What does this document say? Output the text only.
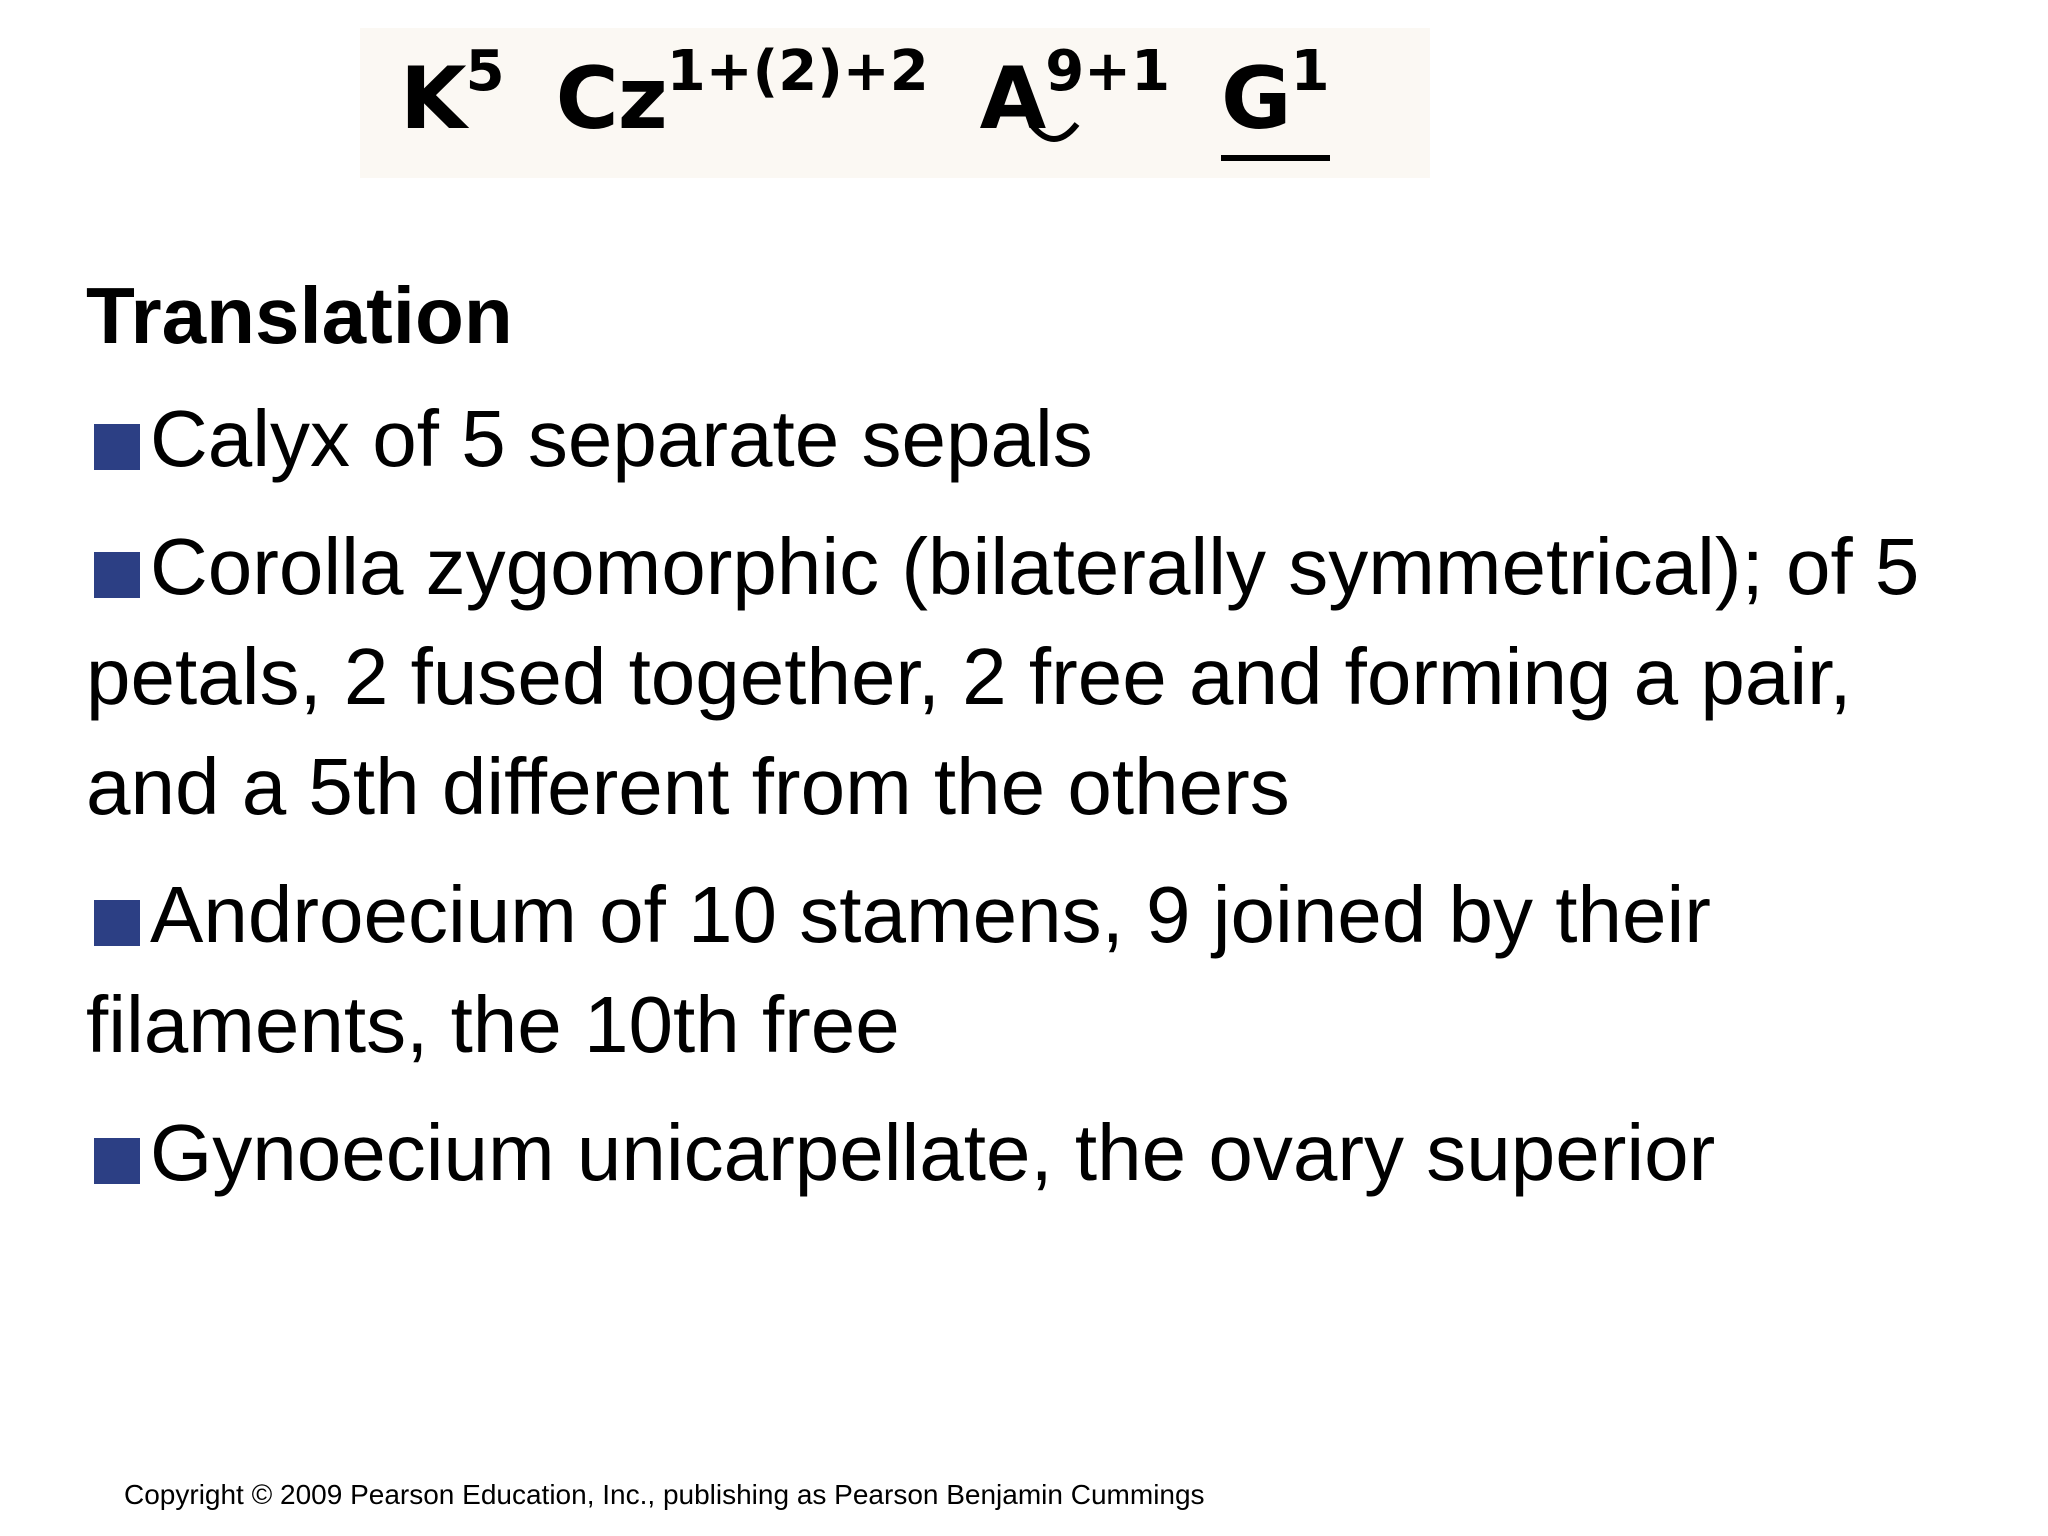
$K^5$ $Cz^{1+(2)+2}$ $A^{9 +1}$ $G^1$
Translation
Calyx of 5 separate sepals
Corolla zygomorphic (bilaterally symmetrical); of 5 petals, 2 fused together, 2 free and forming a pair, and a 5th different from the others
Androecium of 10 stamens, 9 joined by their filaments, the 10th free
Gynoecium unicarpellate, the ovary superior
Copyright © 2009 Pearson Education, Inc., publishing as Pearson Benjamin Cummings
